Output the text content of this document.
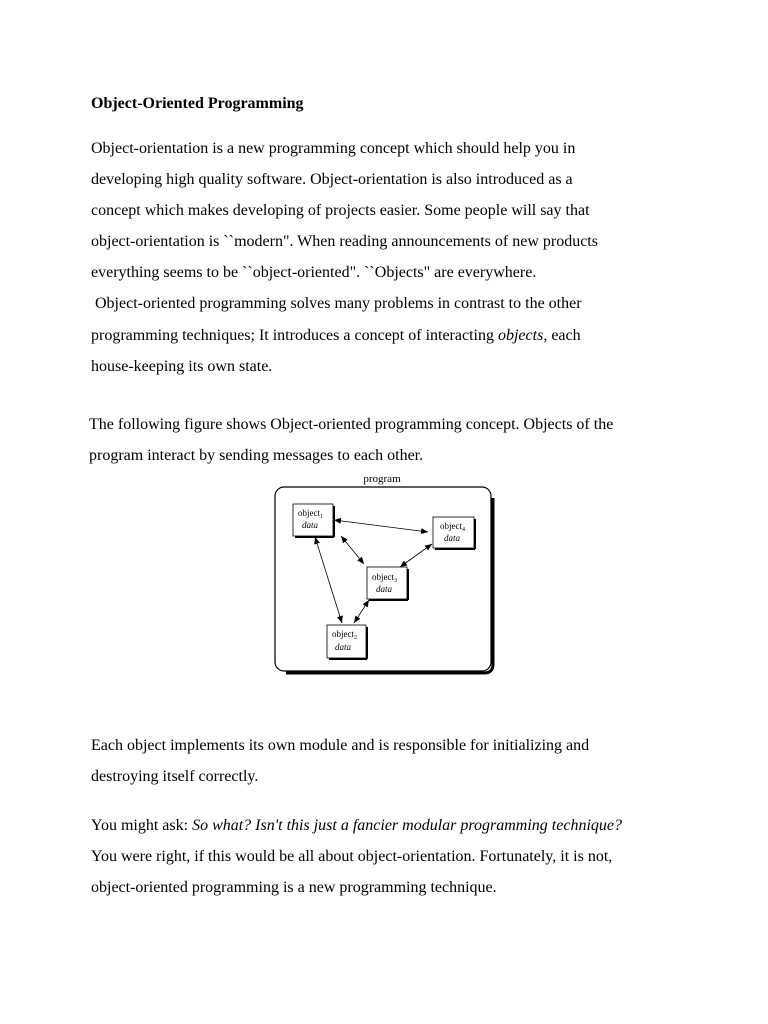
Object-Oriented Programming
Object-orientation is a new programming concept which should help you in
developing high quality software. Object-orientation is also introduced as a
concept which makes developing of projects easier. Some people will say that
object-orientation is ``modern". When reading announcements of new products
everything seems to be ``object-oriented". ``Objects" are everywhere.
Object-oriented programming solves many problems in contrast to the other
programming techniques; It introduces a concept of interacting objects, each
house-keeping its own state.
The following figure shows Object-oriented programming concept. Objects of the
program interact by sending messages to each other.
program
object$_1$
data	object$_4$
data
object$_3$
data
object$_2$
data
Each object implements its own module and is responsible for initializing and
destroying itself correctly.
You might ask: So what? Isn't this just a fancier modular programming technique?
You were right, if this would be all about object-orientation. Fortunately, it is not,
object-oriented programming is a new programming technique.
